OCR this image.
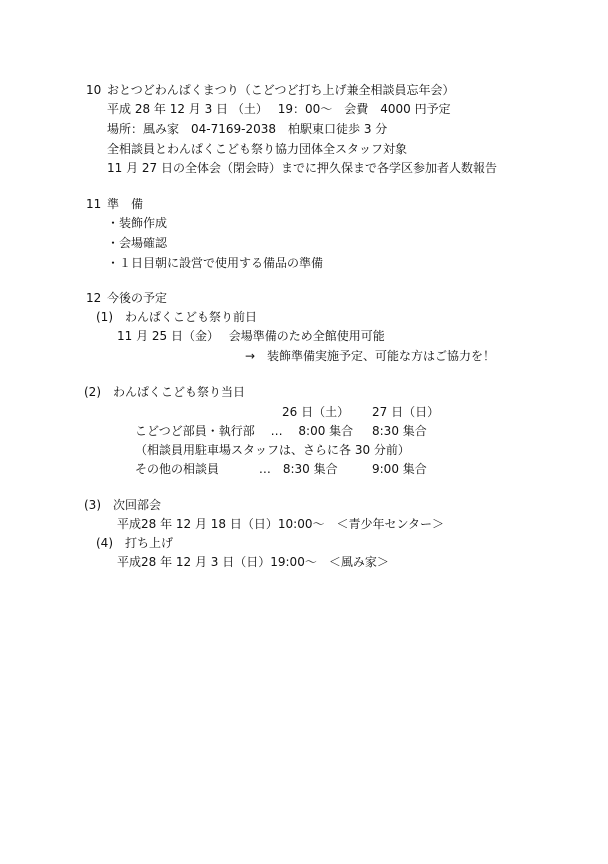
10 おとつどわんぱくまつり（こどつど打ち上げ兼全相談員忘年会）
平成 28 年 12 月 3 日 （土）　 19：00～　会費　4000 円予定
場所：風み家　04-7169-2038　柏駅東口徒歩 3 分
全相談員とわんぱくこども祭り協力団体全スタッフ対象
11 月 27 日の全体会（閉会時）までに押久保まで各学区参加者人数報告
11 準　備
・装飾作成
・会場確認
・１日目朝に設営で使用する備品の準備
12 今後の予定
(1)　わんぱくこども祭り前日
11 月 25 日（金）　 会場準備のため全館使用可能
→　装飾準備実施予定、可能な方はご協力を！
(2)　わんぱくこども祭り当日
26 日（土） 27 日（日）
こどつど部員・執行部　 …　 8:00 集合 8:30 集合
（相談員用駐車場スタッフは、さらに各 30 分前）
その他の相談員　　　 …　8:30 集合	9:00 集合
(3)　次回部会
平成28 年 12 月 18 日（日）10:00～　＜青少年センター＞
(4)　打ち上げ
平成28 年 12 月 3 日（日）19:00～　＜風み家＞
